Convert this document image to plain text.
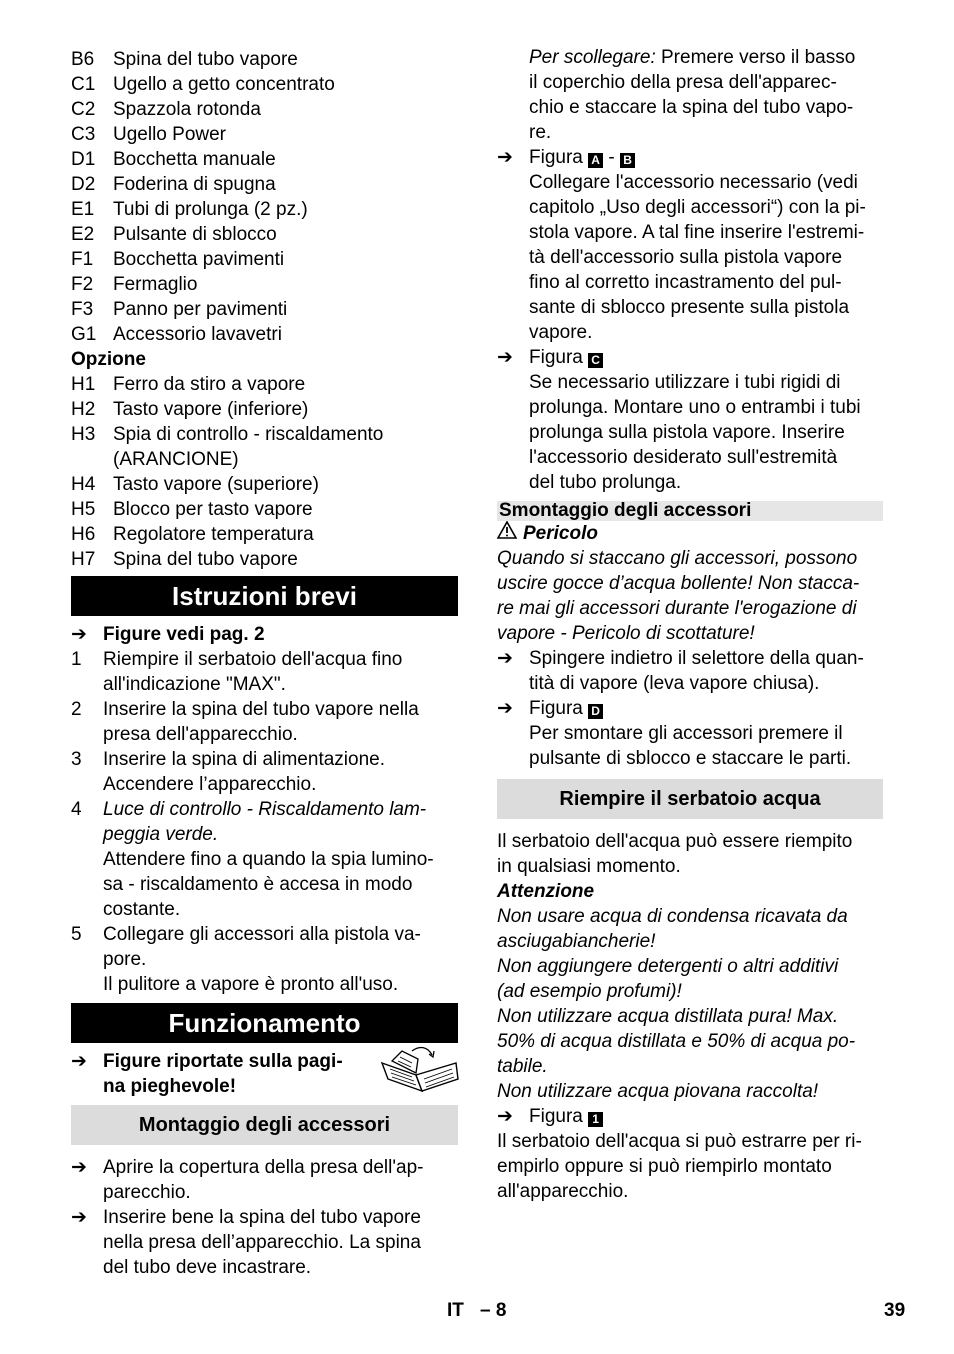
B6 Spina del tubo vapore
C1 Ugello a getto concentrato
C2 Spazzola rotonda
C3 Ugello Power
D1 Bocchetta manuale
D2 Foderina di spugna
E1 Tubi di prolunga (2 pz.)
E2 Pulsante di sblocco
F1	Bocchetta pavimenti
F2	Fermaglio
F3	Panno per pavimenti
G1 Accessorio lavavetri
Opzione
H1 Ferro da stiro a vapore
H2 Tasto vapore (inferiore)
H3 Spia di controllo - riscaldamento
(ARANCIONE)
H4 Tasto vapore (superiore)
H5 Blocco per tasto vapore
H6 Regolatore temperatura
H7 Spina del tubo vapore
Istruzioni brevi
➔ Figure vedi pag. 2
1	Riempire il serbatoio dell'acqua fino
all'indicazione "MAX".
2	Inserire la spina del tubo vapore nella
presa dell'apparecchio.
3	Inserire la spina di alimentazione.
Accendere l’apparecchio.
4	Luce di controllo - Riscaldamento lam-
peggia verde.
Attendere fino a quando la spia lumino-
sa - riscaldamento è accesa in modo
costante.
5	Collegare gli accessori alla pistola va-
pore.
Il pulitore a vapore è pronto all'uso.
Funzionamento
➔ Figure riportate sulla pagi-
na pieghevole!
Montaggio degli accessori
➔ Aprire la copertura della presa dell'ap-
parecchio.
➔ Inserire bene la spina del tubo vapore
nella presa dell’apparecchio. La spina
del tubo deve incastrare.
Per scollegare: Premere verso il basso
il coperchio della presa dell'apparec-
chio e staccare la spina del tubo vapo-
re.
➔ Figura A - B
Collegare l'accessorio necessario (vedi
capitolo „Uso degli accessori“) con la pi-
stola vapore. A tal fine inserire l'estremi-
tà dell'accessorio sulla pistola vapore
fino al corretto incastramento del pul-
sante di sblocco presente sulla pistola
vapore.
➔ Figura C
Se necessario utilizzare i tubi rigidi di
prolunga. Montare uno o entrambi i tubi
prolunga sulla pistola vapore. Inserire
l'accessorio desiderato sull'estremità
del tubo prolunga.
Smontaggio degli accessori
Pericolo
Quando si staccano gli accessori, possono
uscire gocce d’acqua bollente! Non stacca-
re mai gli accessori durante l'erogazione di
vapore - Pericolo di scottature!
➔ Spingere indietro il selettore della quan-
tità di vapore (leva vapore chiusa).
➔ Figura D
Per smontare gli accessori premere il
pulsante di sblocco e staccare le parti.
Riempire il serbatoio acqua
Il serbatoio dell'acqua può essere riempito
in qualsiasi momento.
Attenzione
Non usare acqua di condensa ricavata da
asciugabiancherie!
Non aggiungere detergenti o altri additivi
(ad esempio profumi)!
Non utilizzare acqua distillata pura! Max.
50% di acqua distillata e 50% di acqua po-
tabile.
Non utilizzare acqua piovana raccolta!
➔ Figura 1
Il serbatoio dell'acqua si può estrarre per ri-
empirlo oppure si può riempirlo montato
all'apparecchio.
IT – 8	39
